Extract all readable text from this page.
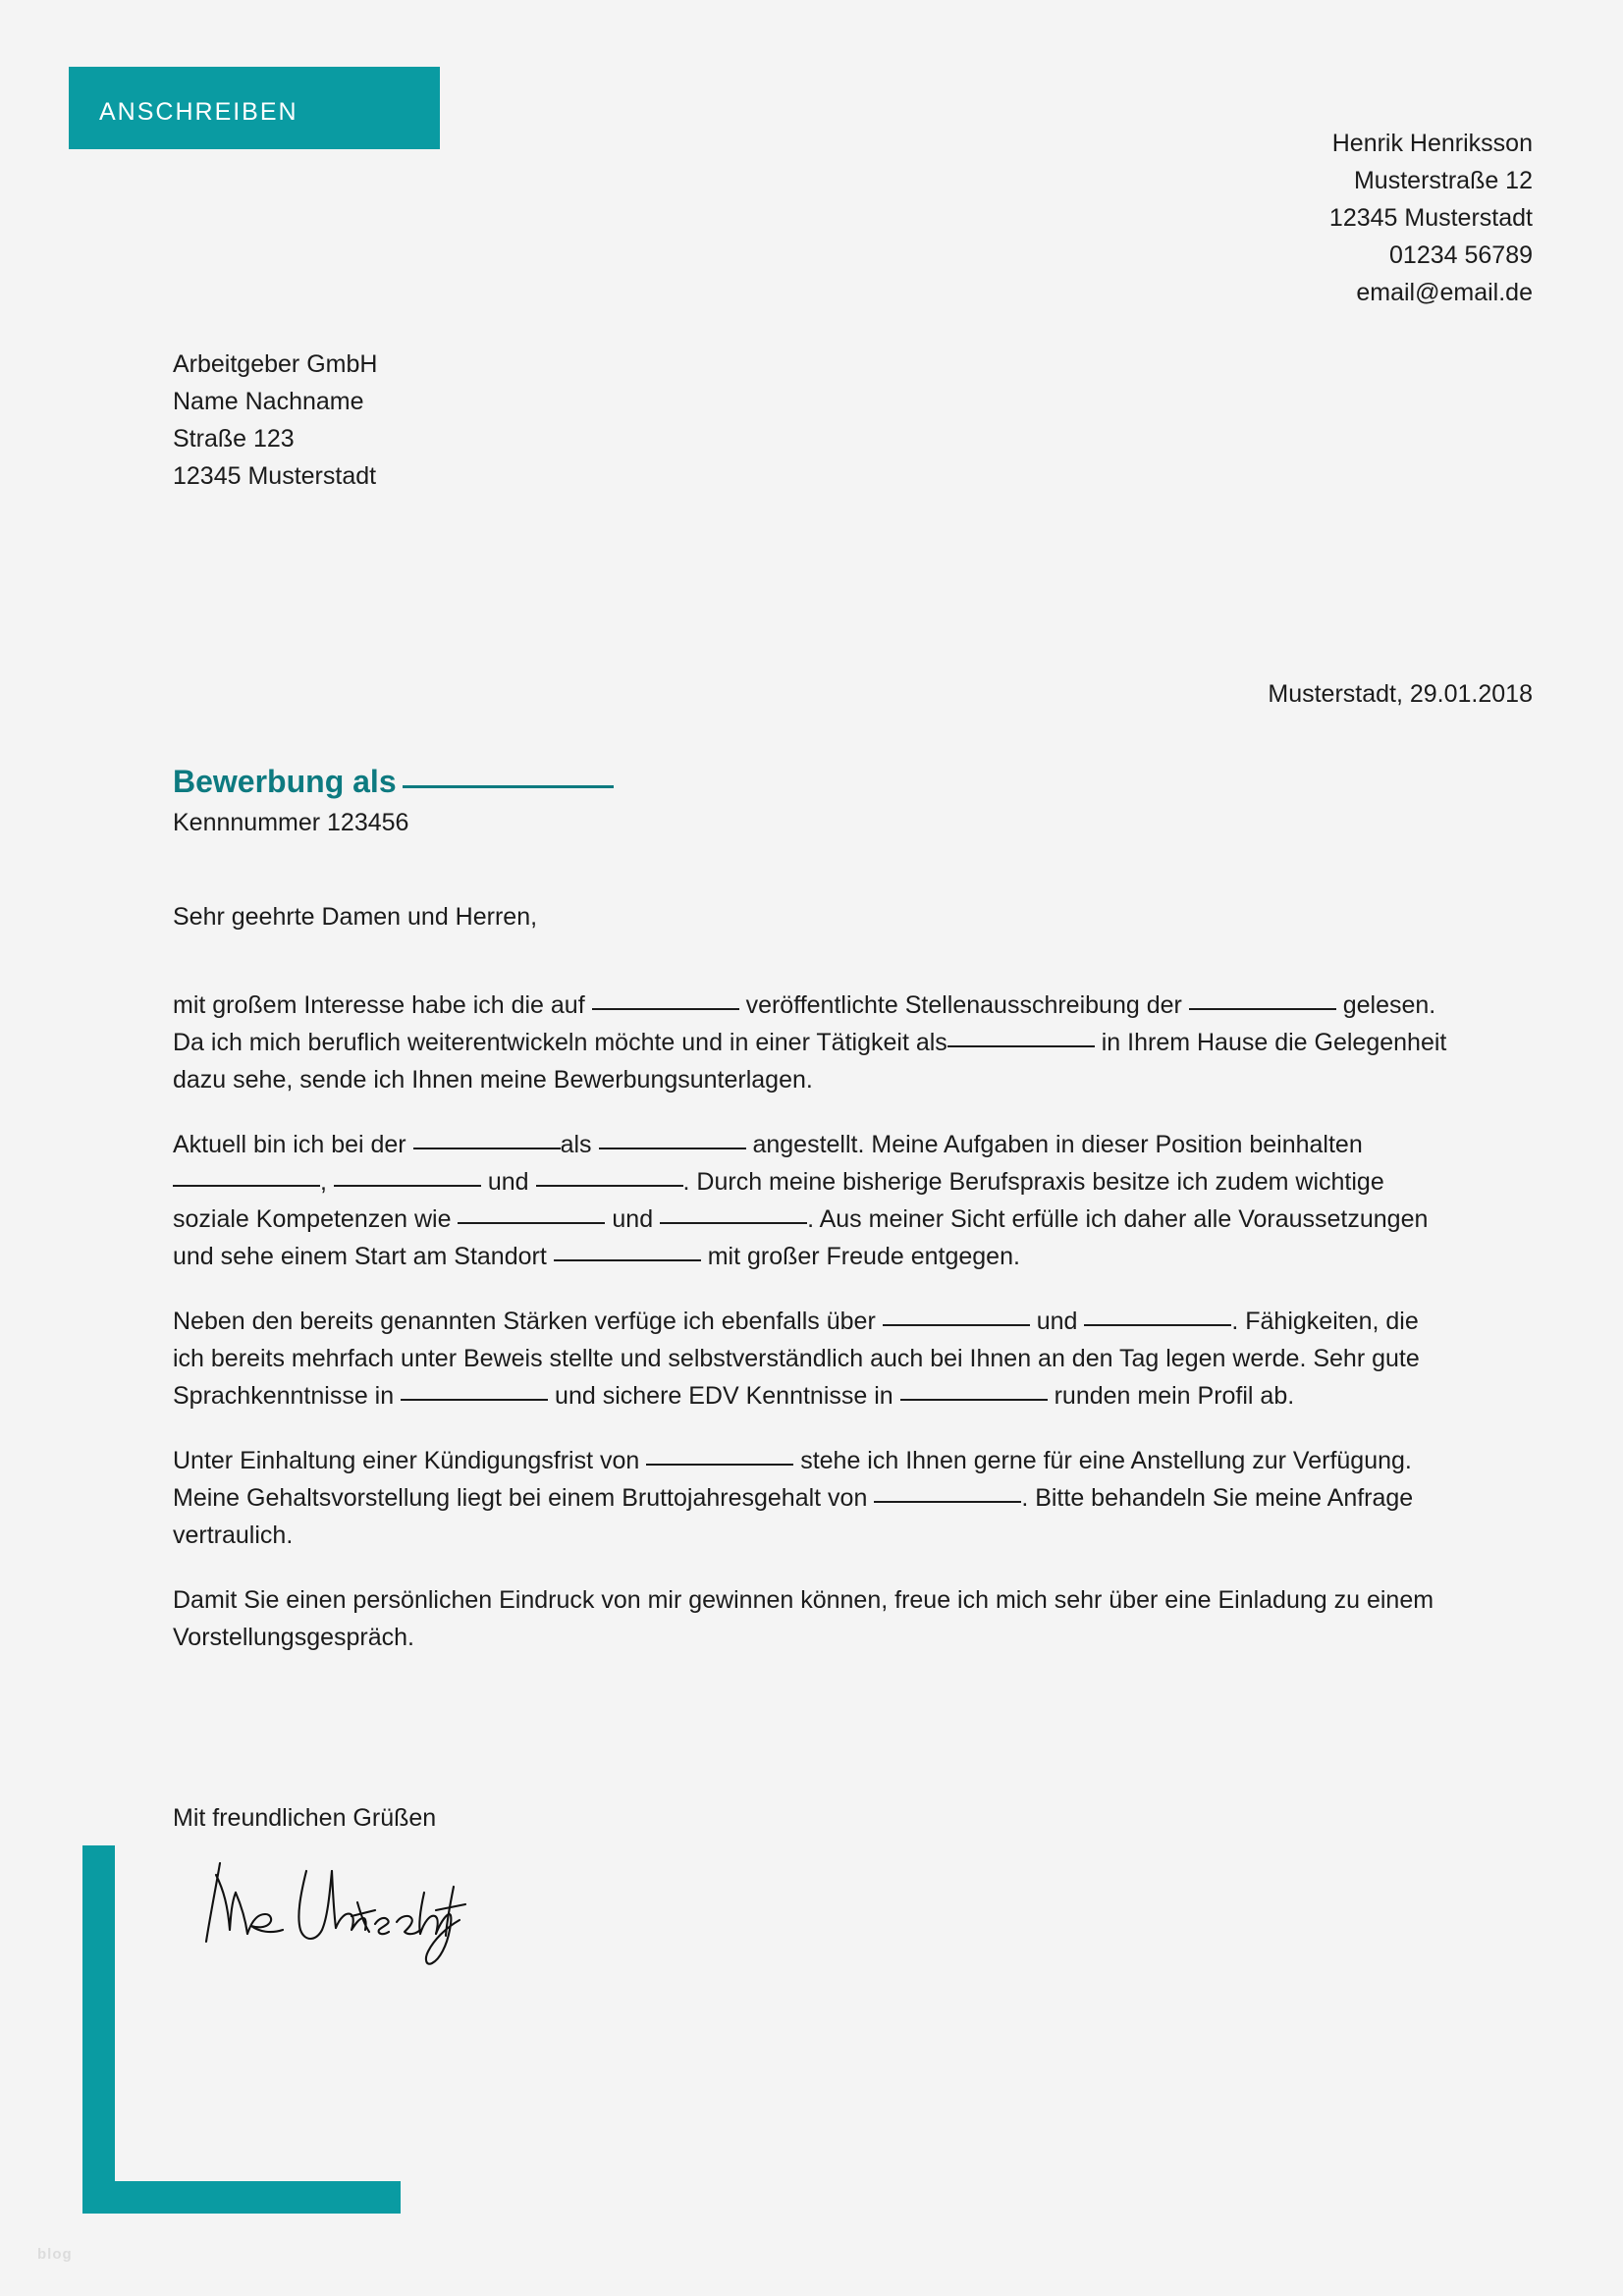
anschreiben
Henrik Henriksson
Musterstraße 12
12345 Musterstadt
01234 56789
email@email.de
Arbeitgeber GmbH
Name Nachname
Straße 123
12345 Musterstadt
Musterstadt, 29.01.2018
Bewerbung als
Kennnummer 123456
Sehr geehrte Damen und Herren,

mit großem Interesse habe ich die auf	veröffentlichte Stellenausschreibung der	gelesen. Da ich mich beruflich weiterentwickeln möchte und in einer Tätigkeit als	in Ihrem Hause die Gelegenheit dazu sehe, sende ich Ihnen meine Bewerbungsunterlagen.

Aktuell bin ich bei der	als	angestellt. Meine Aufgaben in dieser Position beinhalten ,	und	. Durch meine bisherige Berufspraxis besitze ich zudem wichtige soziale Kompetenzen wie	und	. Aus meiner Sicht erfülle ich daher alle Voraussetzungen und sehe einem Start am Standort	mit großer Freude entgegen.

Neben den bereits genannten Stärken verfüge ich ebenfalls über	und	. Fähigkeiten, die ich bereits mehrfach unter Beweis stellte und selbstverständlich auch bei Ihnen an den Tag legen werde. Sehr gute Sprachkenntnisse in	und sichere EDV Kenntnisse in	runden mein Profil ab.

Unter Einhaltung einer Kündigungsfrist von	stehe ich Ihnen gerne für eine Anstellung zur Verfügung. Meine Gehaltsvorstellung liegt bei einem Bruttojahresgehalt von	. Bitte behandeln Sie meine Anfrage vertraulich.

Damit Sie einen persönlichen Eindruck von mir gewinnen können, freue ich mich sehr über eine Einladung zu einem Vorstellungsgespräch.

Mit freundlichen Grüßen
blog
